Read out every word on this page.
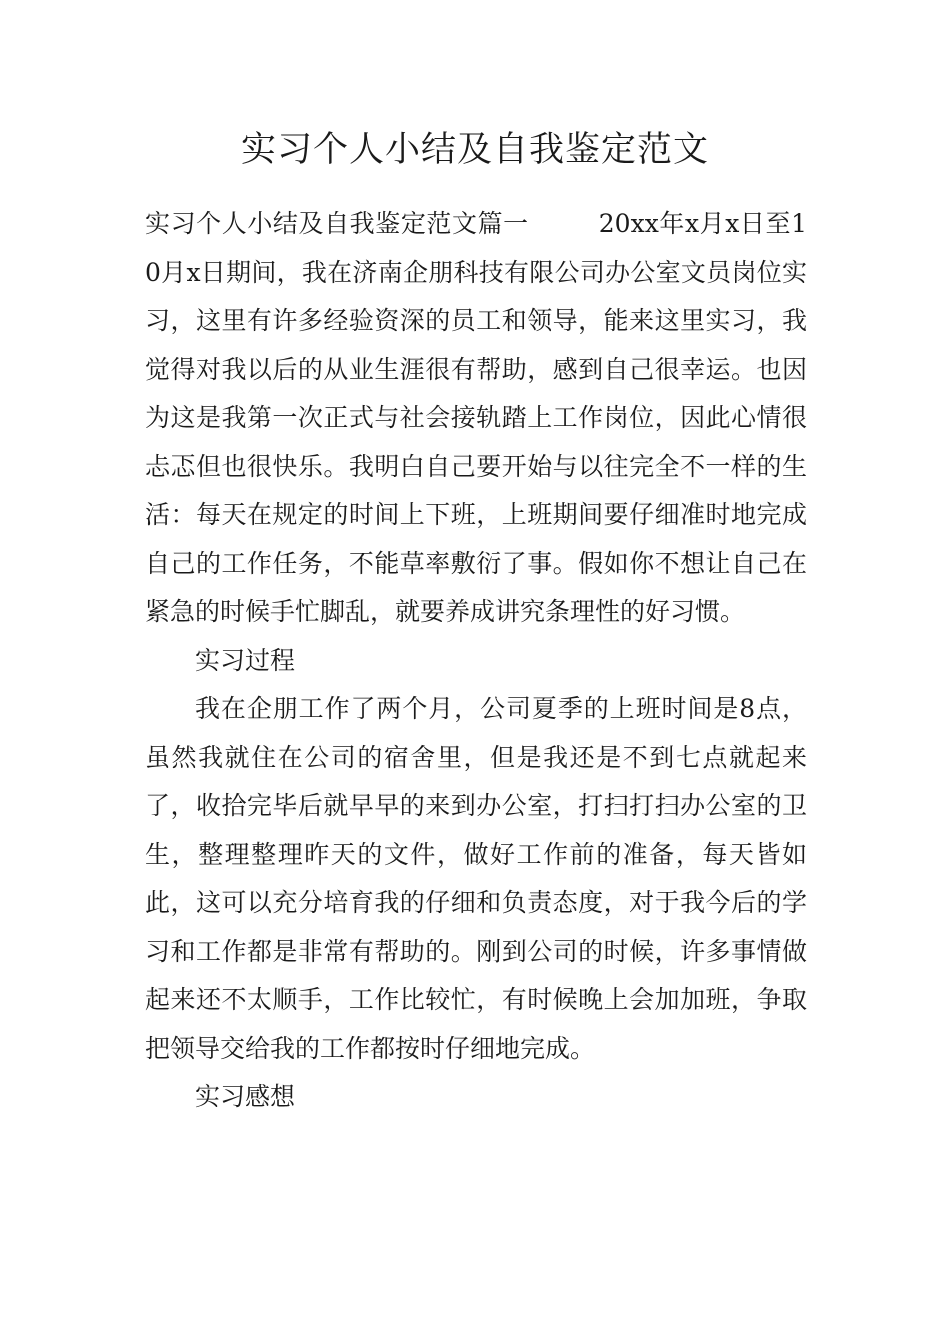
实习个人小结及自我鉴定范文

实习个人小结及自我鉴定范文篇一	20xx年x月x日至10月x日期间，我在济南企朋科技有限公司办公室文员岗位实习，这里有许多经验资深的员工和领导，能来这里实习，我觉得对我以后的从业生涯很有帮助，感到自己很幸运。也因为这是我第一次正式与社会接轨踏上工作岗位，因此心情很忐忑但也很快乐。我明白自己要开始与以往完全不一样的生活：每天在规定的时间上下班，上班期间要仔细准时地完成自己的工作任务，不能草率敷衍了事。假如你不想让自己在紧急的时候手忙脚乱，就要养成讲究条理性的好习惯。

实习过程

我在企朋工作了两个月，公司夏季的上班时间是8点，虽然我就住在公司的宿舍里，但是我还是不到七点就起来了，收拾完毕后就早早的来到办公室，打扫打扫办公室的卫生，整理整理昨天的文件，做好工作前的准备，每天皆如此，这可以充分培育我的仔细和负责态度，对于我今后的学习和工作都是非常有帮助的。刚到公司的时候，许多事情做起来还不太顺手，工作比较忙，有时候晚上会加加班，争取把领导交给我的工作都按时仔细地完成。

实习感想
